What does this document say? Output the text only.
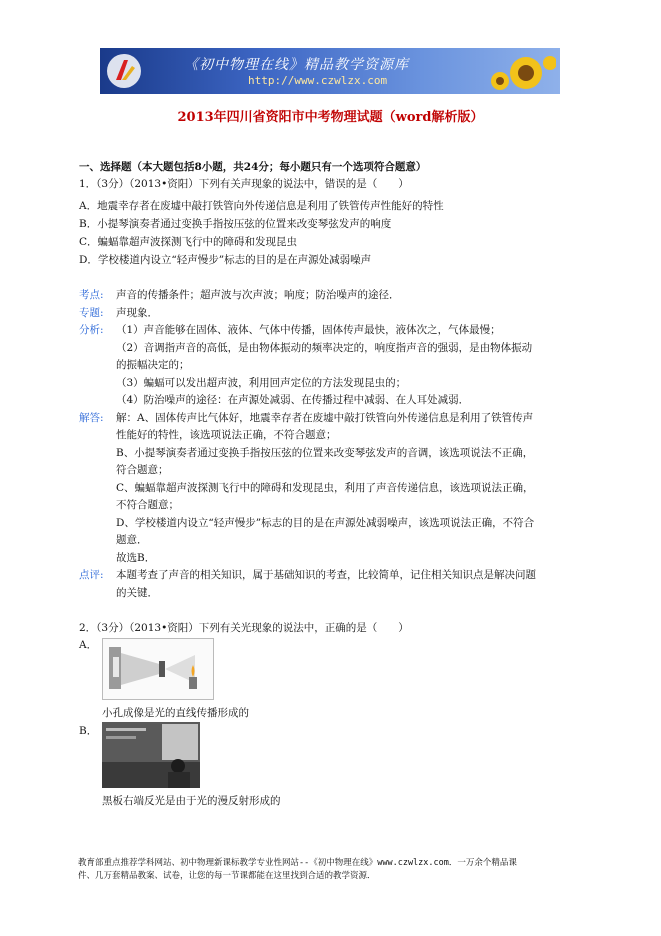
《初中物理在线》精品教学资源库
http://www.czwlzx.com
2013年四川省资阳市中考物理试题（word解析版）
一、选择题（本大题包括8小题，共24分；每小题只有一个选项符合题意）
1．（3分）（2013•资阳）下列有关声现象的说法中，错误的是（　　）
A．地震幸存者在废墟中敲打铁管向外传递信息是利用了铁管传声性能好的特性
B．小提琴演奏者通过变换手指按压弦的位置来改变琴弦发声的响度
C．蝙蝠靠超声波探测飞行中的障碍和发现昆虫
D．学校楼道内设立“轻声慢步”标志的目的是在声源处减弱噪声
考点: 声音的传播条件；超声波与次声波；响度；防治噪声的途径．
专题: 声现象．
分析: （1）声音能够在固体、液体、气体中传播，固体传声最快，液体次之，气体最慢；
（2）音调指声音的高低，是由物体振动的频率决定的，响度指声音的强弱，是由物体振动
的振幅决定的；
（3）蝙蝠可以发出超声波，利用回声定位的方法发现昆虫的；
（4）防治噪声的途径：在声源处减弱、在传播过程中减弱、在人耳处减弱．
解答: 解：A、固体传声比气体好，地震幸存者在废墟中敲打铁管向外传递信息是利用了铁管传声
性能好的特性，该选项说法正确，不符合题意；
B、小提琴演奏者通过变换手指按压弦的位置来改变琴弦发声的音调，该选项说法不正确，
符合题意；
C、蝙蝠靠超声波探测飞行中的障碍和发现昆虫，利用了声音传递信息，该选项说法正确，
不符合题意；
D、学校楼道内设立“轻声慢步”标志的目的是在声源处减弱噪声，该选项说法正确，不符合
题意．
故选B．
点评: 本题考查了声音的相关知识，属于基础知识的考查，比较简单，记住相关知识点是解决问题
的关键．
2．（3分）（2013•资阳）下列有关光现象的说法中，正确的是（　　）
A．
小孔成像是光的直线传播形成的
B．
黑板右端反光是由于光的漫反射形成的
教育部重点推荐学科网站、初中物理新课标教学专业性网站--《初中物理在线》www.czwlzx.com．一万余个精品课
件、几万套精品教案、试卷，让您的每一节课都能在这里找到合适的教学资源．
